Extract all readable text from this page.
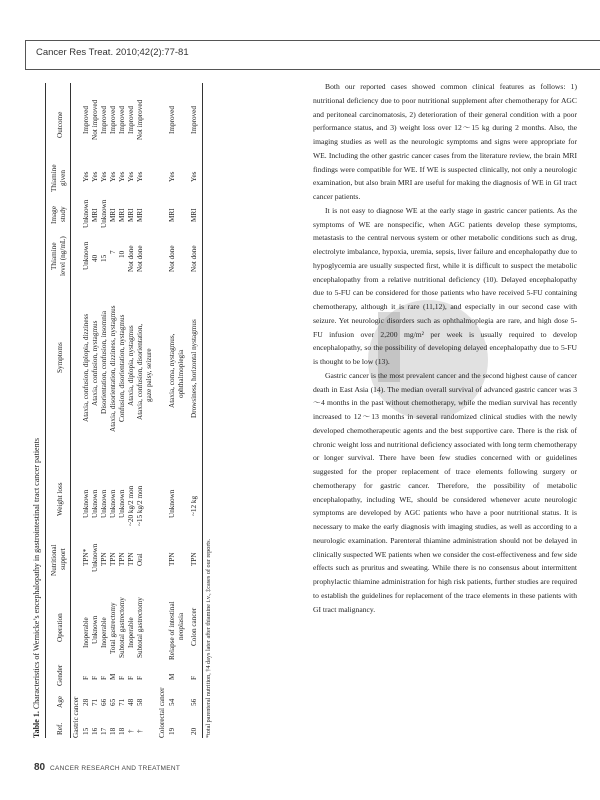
Cancer Res Treat. 2010;42(2):77-81

Both our reported cases showed common clinical features as follows: 1) nutritional deficiency due to poor nutritional supplement after chemotherapy for AGC and peritoneal carcinomatosis, 2) deterioration of their general condition with a poor performance status, and 3) weight loss over 12～15 kg during 2 months. Also, the imaging studies as well as the neurologic symptoms and signs were appropriate for WE. Including the other gastric cancer cases from the literature review, the brain MRI findings were compatible for WE. If WE is suspected clinically, not only a neurologic examination, but also brain MRI are useful for making the diagnosis of WE in GI tract cancer patients.

It is not easy to diagnose WE at the early stage in gastric cancer patients. As the symptoms of WE are nonspecific, when AGC patients develop these symptoms, metastasis to the central nervous system or other metabolic conditions such as drug, electrolyte imbalance, hypoxia, uremia, sepsis, liver failure and encephalopathy due to hypoglycemia are usually suspected first, while it is difficult to suspect the metabolic encephalopathy from a relative nutritional deficiency (10). Delayed encephalopathy due to 5-FU can be considered for those patients who have received 5-FU containing chemotherapy, although it is rare (11,12), and especially in our second case with seizure. Yet neurologic disorders such as ophthalmoplegia are rare, and high dose 5-FU infusion over 2,200 mg/m² per week is usually required to develop encephalopathy, so the possibility of developing delayed encephalopathy due to 5-FU is thought to be low (13).

Gastric cancer is the most prevalent cancer and the second highest cause of cancer death in East Asia (14). The median overall survival of advanced gastric cancer was 3～4 months in the past without chemotherapy, while the median survival has recently increased to 12～13 months in several randomized clinical studies with the newly developed chemotherapeutic agents and the best supportive care. There is the risk of chronic weight loss and nutritional deficiency associated with long term chemotherapy or longer survival. There have been few studies concerned with or guidelines suggested for the proper replacement of trace elements following surgery or chemotherapy for gastric cancer. Therefore, the possibility of metabolic encephalopathy, including WE, should be considered whenever acute neurologic symptoms are developed by AGC patients who have a poor nutritional status. It is necessary to make the early diagnosis with imaging studies, as well as according to a neurologic examination. Parenteral thiamine administration should not be delayed in clinically suspected WE patients when we consider the cost-effectiveness and few side effects such as pruritus and sweating. While there is no consensus about intermittent prophylactic thiamine administration for high risk patients, further studies are required to establish the guidelines for replacement of the trace elements in these patients with GI tract malignancy.

Table 1. Characteristics of Wernicke’s encephalopathy in gastrointestinal tract cancer patients
Ref.
Age
Gender
Operation
Nutritional support
Weight loss
Symptoms
Thiamine level (ng/mL)
Image study
Thiamine given
Outcome
Gastric cancer 15
28
F
Inoperable
TPN*
Unknown
Ataxia, confusion, diplopia, dizziness
Unknown
Unknown
Yes
Improved
16
71
F
Unknown
Unknown
Unknown
Ataxia, confusion, nystagmus
40
MRI
Yes
Not improved
17
66
F
Inoperable
TPN
Unknown
Disorientation, confusion, insomnia
15
Unknown
Yes
Improved
18
65
M
Total gastrectomy
TPN
Unknown
Ataxia, disorientation, dizziness, nystagmus
7
MRI
Yes
Improved
18
71
F
Subtotal gastrectomy
TPN
Unknown
Confusion, disorientation, nystagmus
10
MRI
Yes
Improved
†
48
F
Inoperable
TPN
~20 kg/2 mon
Ataxia, diplopia, nystagmus
Not done
MRI
Yes
Improved
†
58
F
Subtotal gastrectomy
Oral
~15 kg/2 mon
Ataxia, confusion, disorientation, gaze palsy, seizure
Not done
MRI
Yes
Not improved
Colorectal cancer 19
54
M
Relapse of intestinal neoplasia
TPN
Unknown
Ataxia, coma, nystagmus, ophthalmoplegia
Not done
MRI
Yes
Improved
20
56
F
Colon cancer
TPN
~12 kg
Drowsiness, horizontal nystagmus
Not done
MRI
Yes
Improved
*total parenteral nutrition, †4 days later after thiamine i.v., ‡cases of our reports.
80 CANCER RESEARCH AND TREATMENT
